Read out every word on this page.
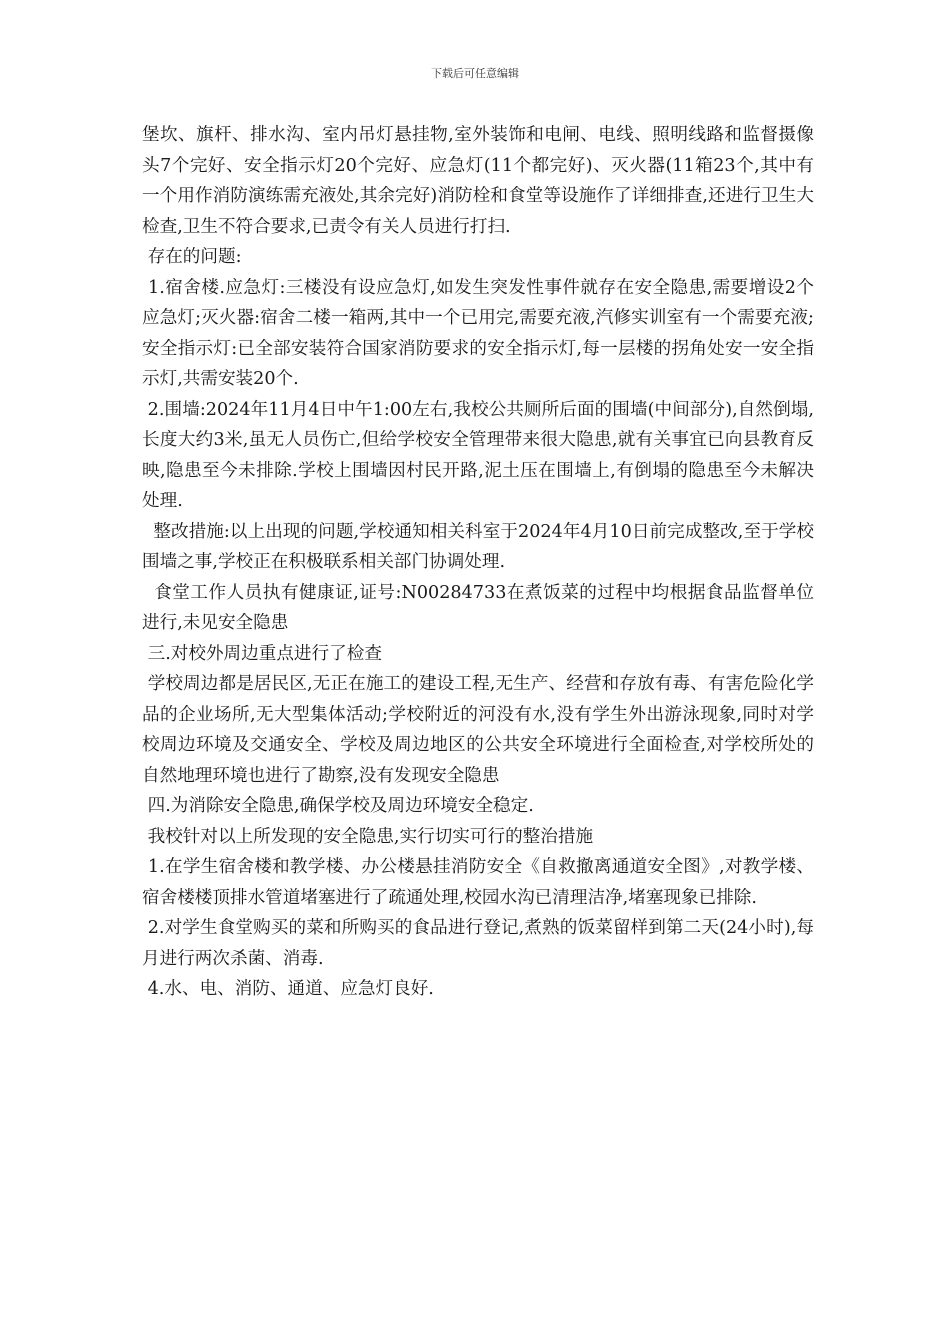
下载后可任意编辑

堡坎、旗杆、排水沟、室内吊灯悬挂物,室外装饰和电闸、电线、照明线路和监督摄像头7个完好、安全指示灯20个完好、应急灯(11个都完好)、灭火器(11箱23个,其中有一个用作消防演练需充液处,其余完好)消防栓和食堂等设施作了详细排查,还进行卫生大检查,卫生不符合要求,已责令有关人员进行打扫.

存在的问题:

1.宿舍楼.应急灯:三楼没有设应急灯,如发生突发性事件就存在安全隐患,需要增设2个应急灯;灭火器:宿舍二楼一箱两,其中一个已用完,需要充液,汽修实训室有一个需要充液;安全指示灯:已全部安装符合国家消防要求的安全指示灯,每一层楼的拐角处安一安全指示灯,共需安装20个.

2.围墙:2024年11月4日中午1:00左右,我校公共厕所后面的围墙(中间部分),自然倒塌,长度大约3米,虽无人员伤亡,但给学校安全管理带来很大隐患,就有关事宜已向县教育反映,隐患至今未排除.学校上围墙因村民开路,泥土压在围墙上,有倒塌的隐患至今未解决处理.

整改措施:以上出现的问题,学校通知相关科室于2024年4月10日前完成整改,至于学校围墙之事,学校正在积极联系相关部门协调处理.

食堂工作人员执有健康证,证号:N00284733在煮饭菜的过程中均根据食品监督单位进行,未见安全隐患

三.对校外周边重点进行了检查

学校周边都是居民区,无正在施工的建设工程,无生产、经营和存放有毒、有害危险化学品的企业场所,无大型集体活动;学校附近的河没有水,没有学生外出游泳现象,同时对学校周边环境及交通安全、学校及周边地区的公共安全环境进行全面检查,对学校所处的自然地理环境也进行了勘察,没有发现安全隐患

四.为消除安全隐患,确保学校及周边环境安全稳定.

我校针对以上所发现的安全隐患,实行切实可行的整治措施

1.在学生宿舍楼和教学楼、办公楼悬挂消防安全《自救撤离通道安全图》,对教学楼、宿舍楼楼顶排水管道堵塞进行了疏通处理,校园水沟已清理洁净,堵塞现象已排除.

2.对学生食堂购买的菜和所购买的食品进行登记,煮熟的饭菜留样到第二天(24小时),每月进行两次杀菌、消毒.

4.水、电、消防、通道、应急灯良好.
